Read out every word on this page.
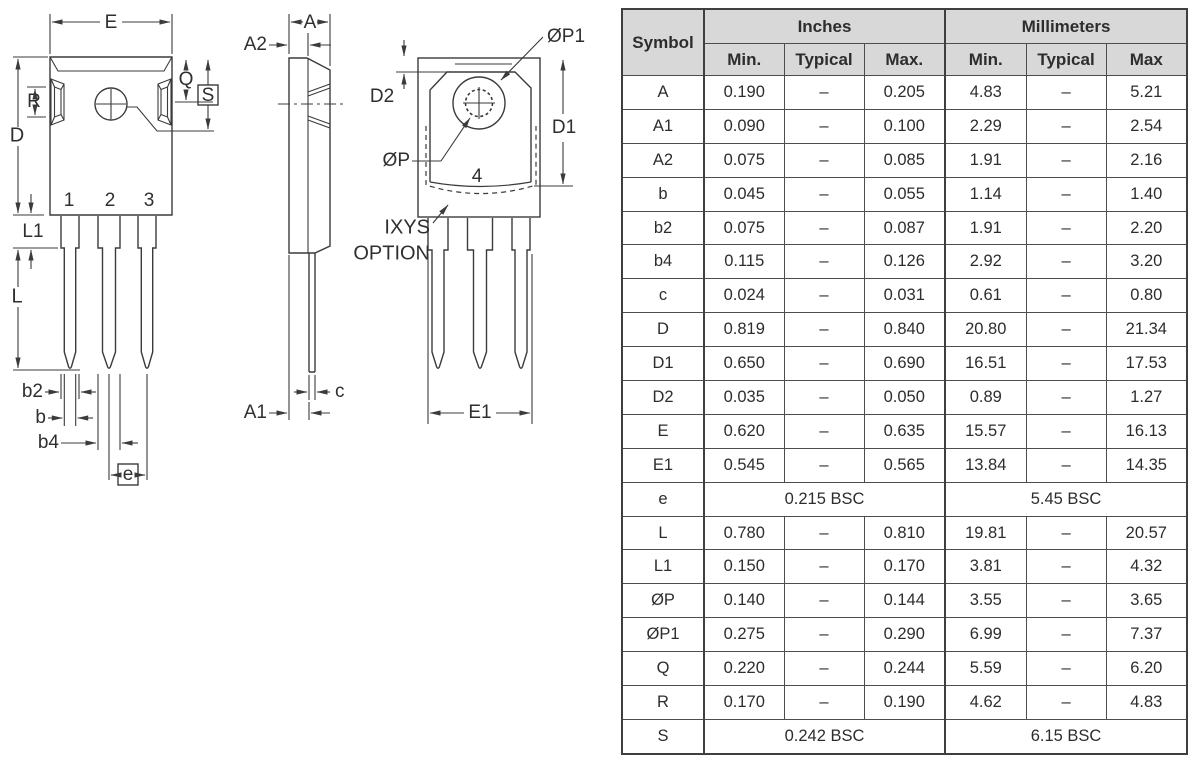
1 2 3
E
D
R
Q
S
L1
L
b2
b
b4
e
A
A2
c
A1
D2
D1
ØP1
ØP
4
IXYS
OPTION
E1
Symbol	Inches			Millimeters		
	Min.	Typical	Max.	Min.	Typical	Max
A	0.190	–	0.205	4.83	–	5.21
A1	0.090	–	0.100	2.29	–	2.54
A2	0.075	–	0.085	1.91	–	2.16
b	0.045	–	0.055	1.14	–	1.40
b2	0.075	–	0.087	1.91	–	2.20
b4	0.115	–	0.126	2.92	–	3.20
c	0.024	–	0.031	0.61	–	0.80
D	0.819	–	0.840	20.80	–	21.34
D1	0.650	–	0.690	16.51	–	17.53
D2	0.035	–	0.050	0.89	–	1.27
E	0.620	–	0.635	15.57	–	16.13
E1	0.545	–	0.565	13.84	–	14.35
e	0.215 BSC			5.45 BSC		
L	0.780	–	0.810	19.81	–	20.57
L1	0.150	–	0.170	3.81	–	4.32
ØP	0.140	–	0.144	3.55	–	3.65
ØP1	0.275	–	0.290	6.99	–	7.37
Q	0.220	–	0.244	5.59	–	6.20
R	0.170	–	0.190	4.62	–	4.83
S	0.242 BSC			6.15 BSC		
